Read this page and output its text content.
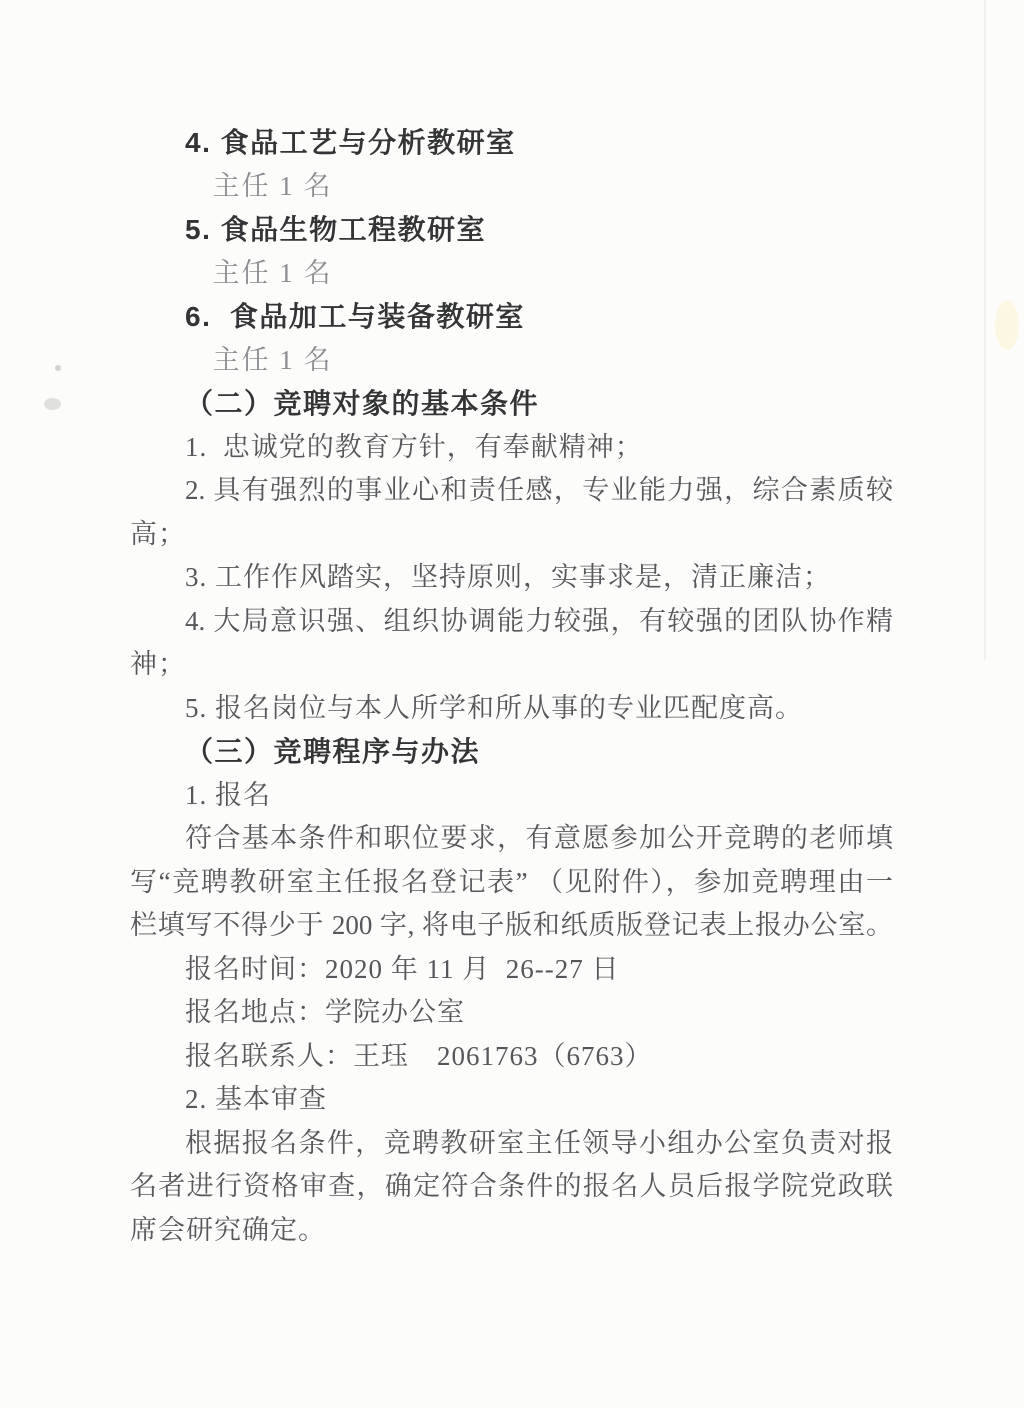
4. 食品工艺与分析教研室
主任 1 名
5. 食品生物工程教研室
主任 1 名
6.  食品加工与装备教研室
主任 1 名
（二）竞聘对象的基本条件
1.  忠诚党的教育方针，有奉献精神；
2. 具有强烈的事业心和责任感，专业能力强，综合素质较
高；
3. 工作作风踏实，坚持原则，实事求是，清正廉洁；
4. 大局意识强、组织协调能力较强，有较强的团队协作精
神；
5. 报名岗位与本人所学和所从事的专业匹配度高。
（三）竞聘程序与办法
1. 报名
符合基本条件和职位要求，有意愿参加公开竞聘的老师填
写“竞聘教研室主任报名登记表” （见附件），参加竞聘理由一
栏填写不得少于 200 字, 将电子版和纸质版登记表上报办公室。
报名时间：2020 年 11 月  26--27 日
报名地点：学院办公室
报名联系人：王珏　2061763（6763）
2. 基本审查
根据报名条件，竞聘教研室主任领导小组办公室负责对报
名者进行资格审查，确定符合条件的报名人员后报学院党政联
席会研究确定。
